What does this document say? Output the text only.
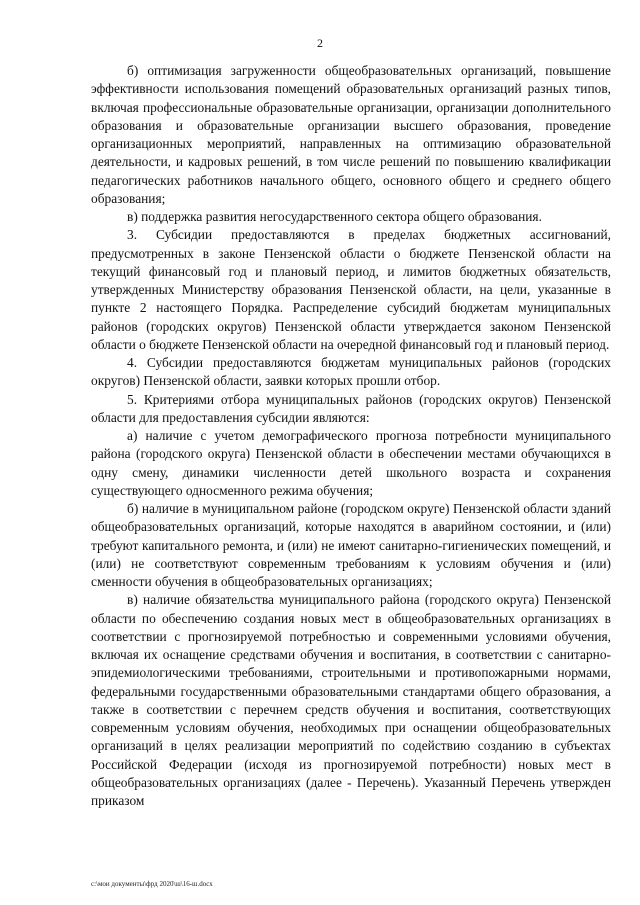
2

б) оптимизация загруженности общеобразовательных организаций, повышение эффективности использования помещений образовательных организаций разных типов, включая профессиональные образовательные организации, организации дополнительного образования и образовательные организации высшего образования, проведение организационных мероприятий, направленных на оптимизацию образовательной деятельности, и кадровых решений, в том числе решений по повышению квалификации педагогических работников начального общего, основного общего и среднего общего образования;

в) поддержка развития негосударственного сектора общего образования.

3. Субсидии предоставляются в пределах бюджетных ассигнований, предусмотренных в законе Пензенской области о бюджете Пензенской области на текущий финансовый год и плановый период, и лимитов бюджетных обязательств, утвержденных Министерству образования Пензенской области, на цели, указанные в пункте 2 настоящего Порядка. Распределение субсидий бюджетам муниципальных районов (городских округов) Пензенской области утверждается законом Пензенской области о бюджете Пензенской области на очередной финансовый год и плановый период.

4. Субсидии предоставляются бюджетам муниципальных районов (городских округов) Пензенской области, заявки которых прошли отбор.

5. Критериями отбора муниципальных районов (городских округов) Пензенской области для предоставления субсидии являются:

а) наличие с учетом демографического прогноза потребности муниципального района (городского округа) Пензенской области в обеспечении местами обучающихся в одну смену, динамики численности детей школьного возраста и сохранения существующего односменного режима обучения;

б) наличие в муниципальном районе (городском округе) Пензенской области зданий общеобразовательных организаций, которые находятся в аварийном состоянии, и (или) требуют капитального ремонта, и (или) не имеют санитарно-гигиенических помещений, и (или) не соответствуют современным требованиям к условиям обучения и (или) сменности обучения в общеобразовательных организациях;

в) наличие обязательства муниципального района (городского округа) Пензенской области по обеспечению создания новых мест в общеобразовательных организациях в соответствии с прогнозируемой потребностью и современными условиями обучения, включая их оснащение средствами обучения и воспитания, в соответствии с санитарно-эпидемиологическими требованиями, строительными и противопожарными нормами, федеральными государственными образовательными стандартами общего образования, а также в соответствии с перечнем средств обучения и воспитания, соответствующих современным условиям обучения, необходимых при оснащении общеобразовательных организаций в целях реализации мероприятий по содействию созданию в субъектах Российской Федерации (исходя из прогнозируемой потребности) новых мест в общеобразовательных организациях (далее - Перечень). Указанный Перечень утвержден приказом

c:\мои документы\фрд 2020\ш\16-ш.docx
